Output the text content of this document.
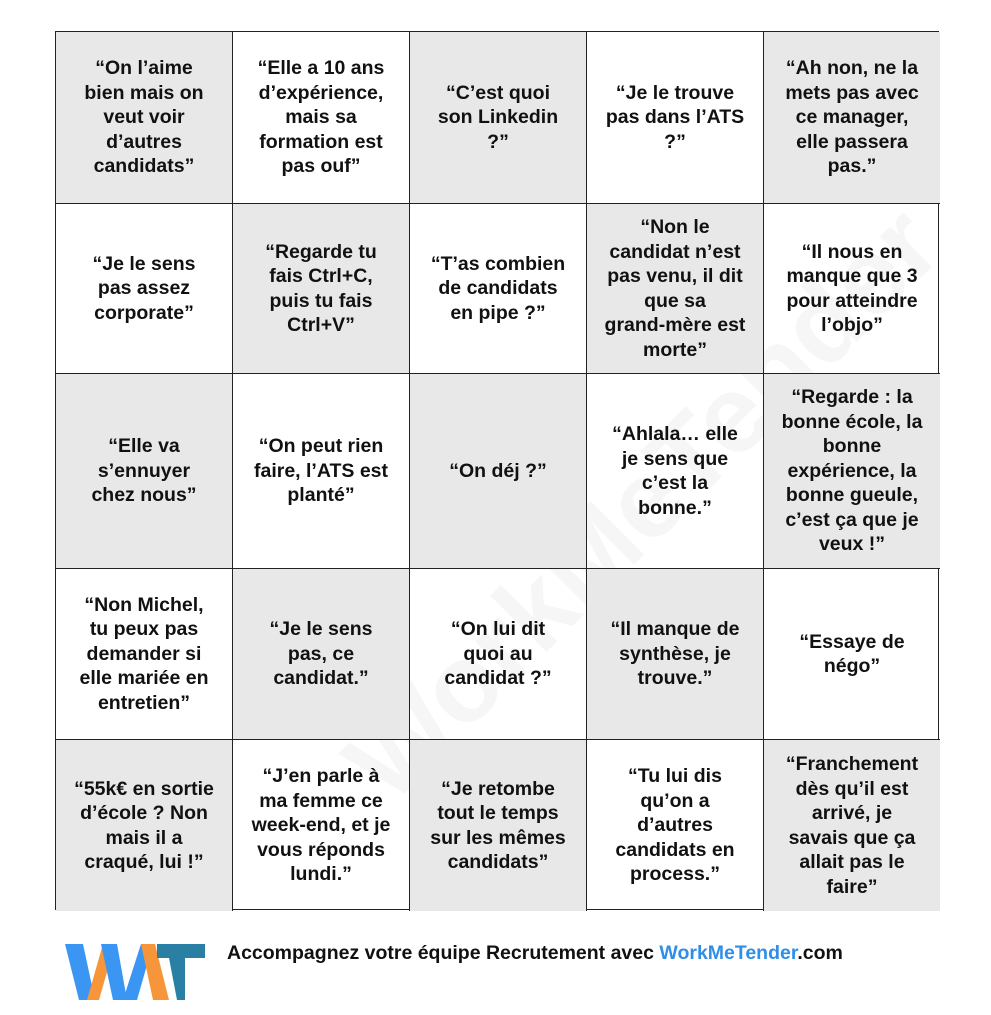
“On l’aime
bien mais on
veut voir
d’autres
candidats”
“Elle a 10 ans
d’expérience,
mais sa
formation est
pas ouf”
“C’est quoi
son Linkedin
?”
“Je le trouve
pas dans l’ATS
?”
“Ah non, ne la
mets pas avec
ce manager,
elle passera
pas.”
“Je le sens
pas assez
corporate”
“Regarde tu
fais Ctrl+C,
puis tu fais
Ctrl+V”
“T’as combien
de candidats
en pipe ?”
“Non le
candidat n’est
pas venu, il dit
que sa
grand-mère est
morte”
“Il nous en
manque que 3
pour atteindre
l’objo”
“Elle va
s’ennuyer
chez nous”
“On peut rien
faire, l’ATS est
planté”
“On déj ?”
“Ahlala… elle
je sens que
c’est la
bonne.”
“Regarde : la
bonne école, la
bonne
expérience, la
bonne gueule,
c’est ça que je
veux !”
“Non Michel,
tu peux pas
demander si
elle mariée en
entretien”
“Je le sens
pas, ce
candidat.”
“On lui dit
quoi au
candidat ?”
“Il manque de
synthèse, je
trouve.”
“Essaye de
négo”
“55k€ en sortie
d’école ? Non
mais il a
craqué, lui !”
“J’en parle à
ma femme ce
week-end, et je
vous réponds
lundi.”
“Je retombe
tout le temps
sur les mêmes
candidats”
“Tu lui dis
qu’on a
d’autres
candidats en
process.”
“Franchement
dès qu’il est
arrivé, je
savais que ça
allait pas le
faire”
Accompagnez votre équipe Recrutement avec WorkMeTender.com
